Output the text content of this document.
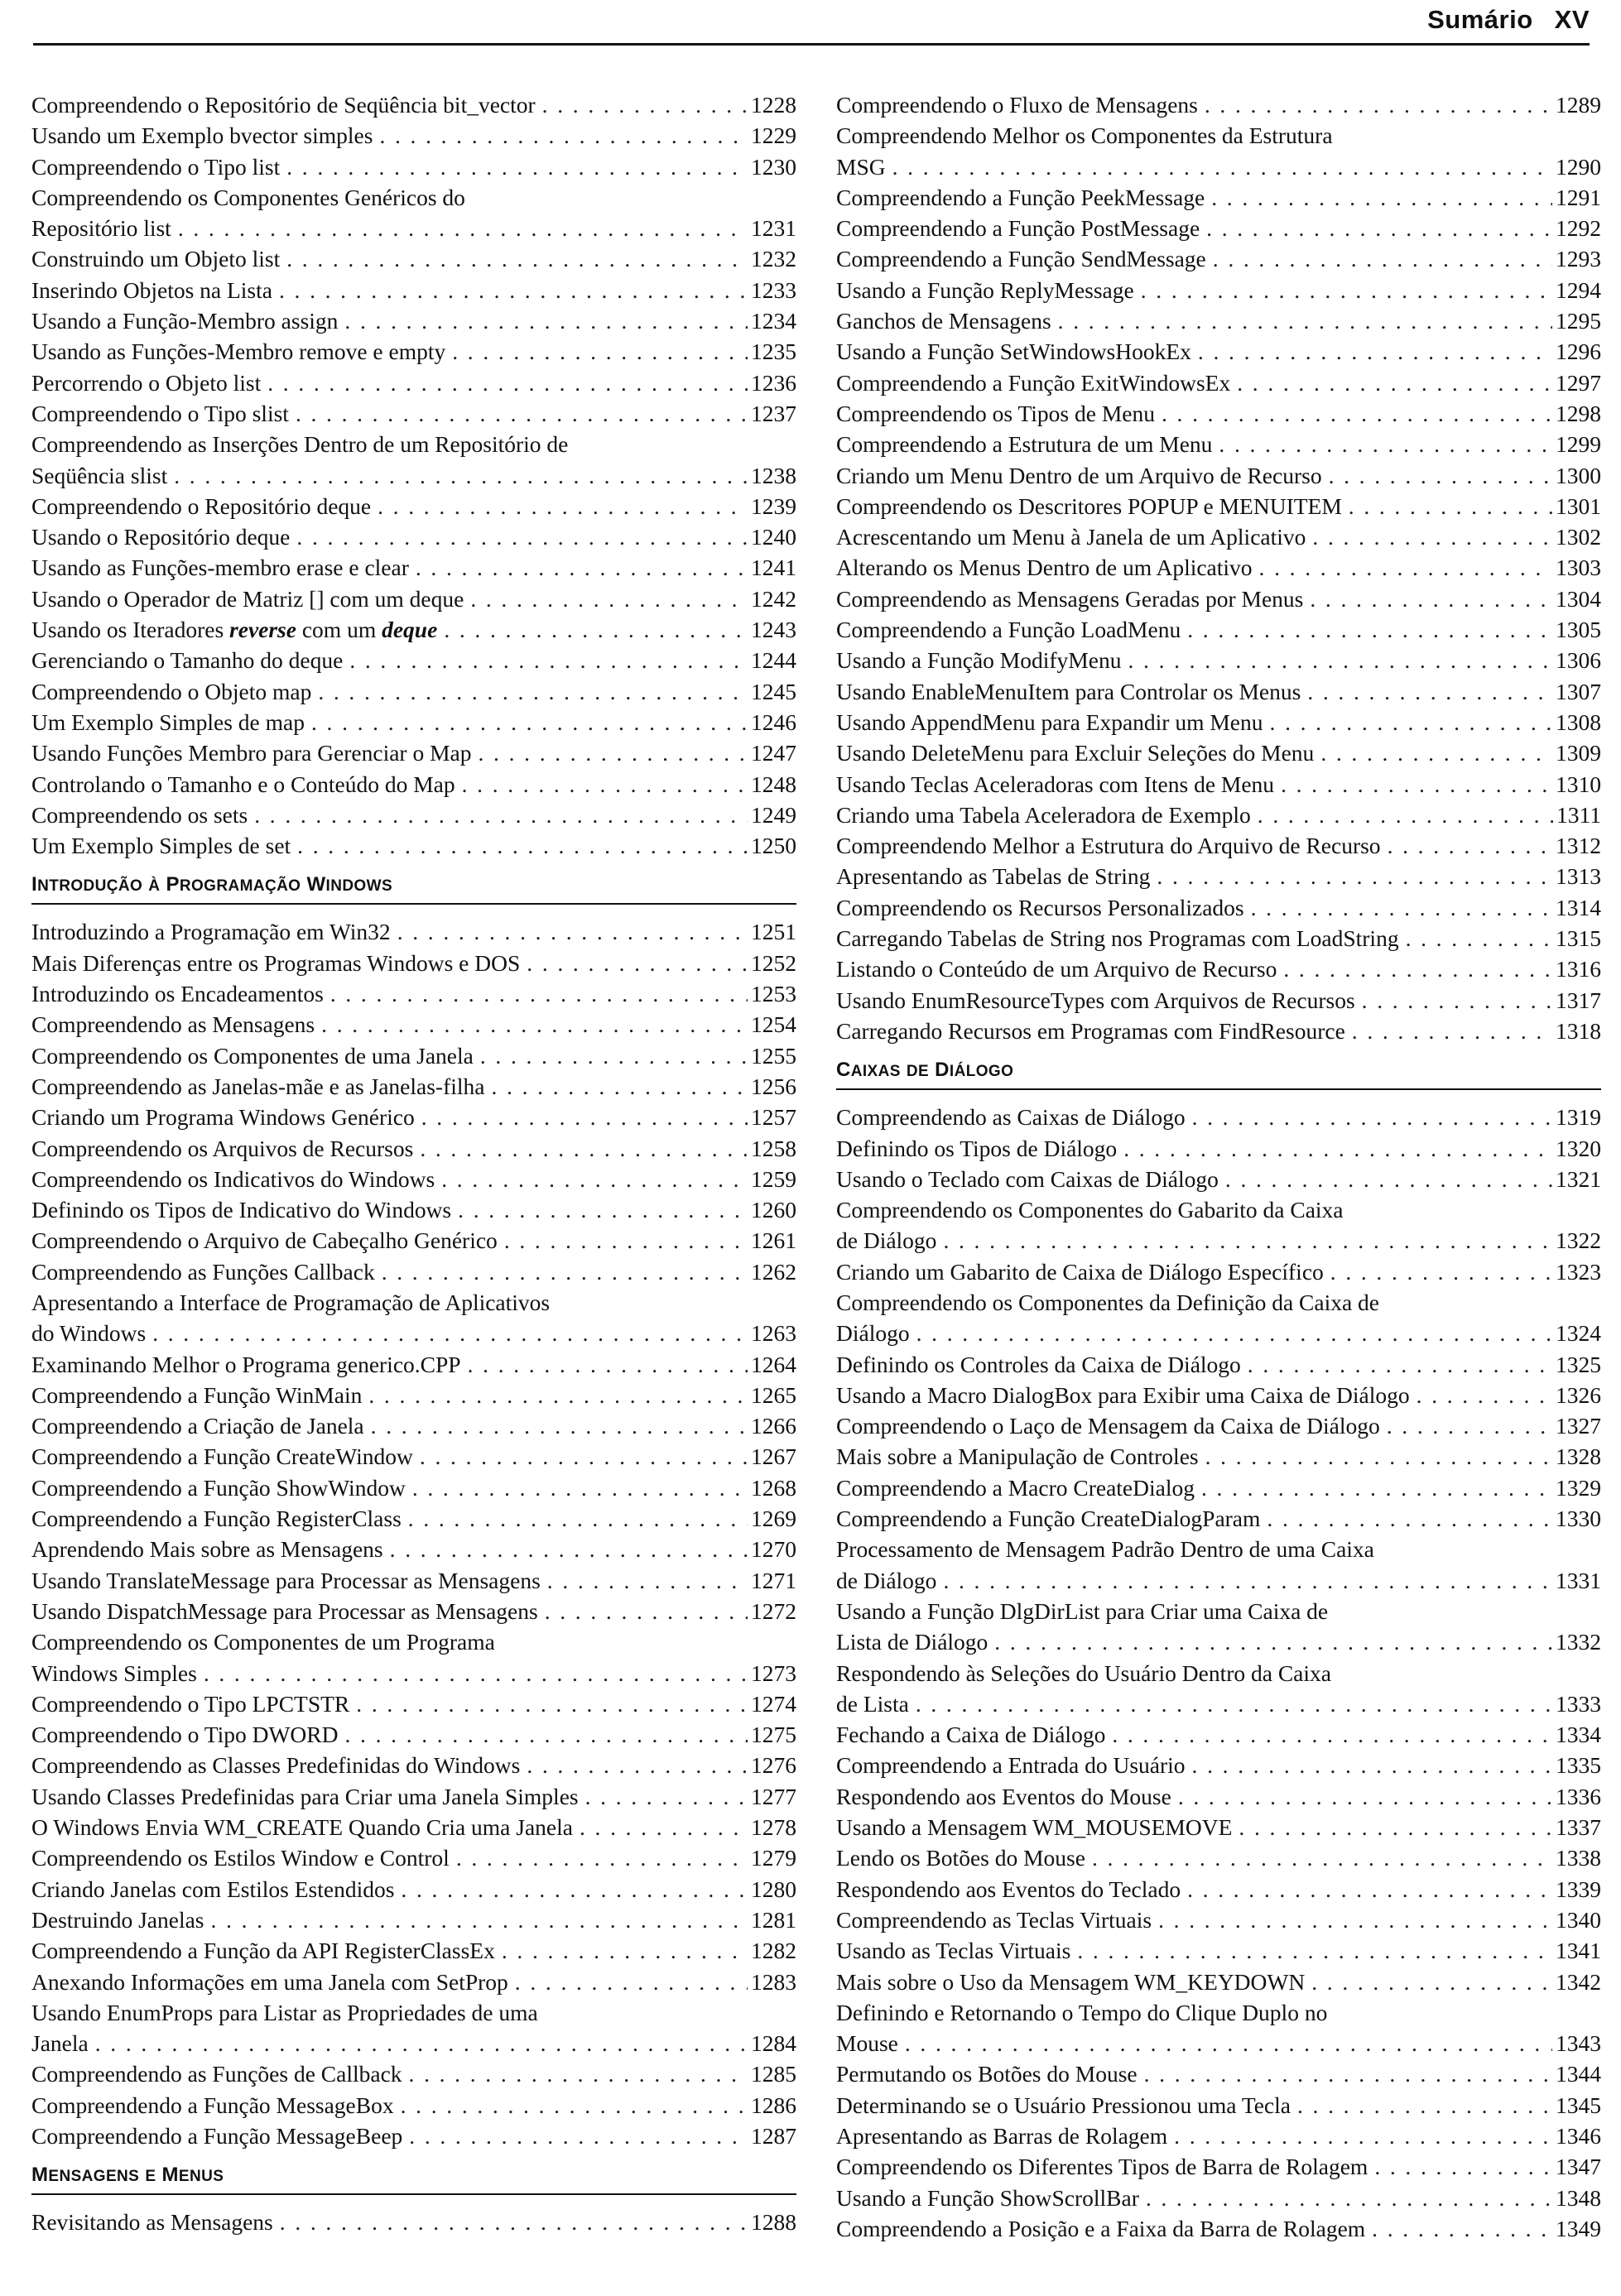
Sumário XV
Compreendendo o Repositório de Seqüência bit_vector . . .	1228
Usando um Exemplo bvector simples . . .	1229
Compreendendo o Tipo list . . .	1230
Compreendendo os Componentes Genéricos do
Repositório list . . .	1231
Construindo um Objeto list . . .	1232
Inserindo Objetos na Lista . . .	1233
Usando a Função-Membro assign . . .	1234
Usando as Funções-Membro remove e empty . . .	1235
Percorrendo o Objeto list . . .	1236
Compreendendo o Tipo slist . . .	1237
Compreendendo as Inserções Dentro de um Repositório de
Seqüência slist . . .	1238
Compreendendo o Repositório deque . . .	1239
Usando o Repositório deque . . .	1240
Usando as Funções-membro erase e clear . . .	1241
Usando o Operador de Matriz [] com um deque . . .	1242
Usando os Iteradores reverse com um deque . . .	1243
Gerenciando o Tamanho do deque . . .	1244
Compreendendo o Objeto map . . .	1245
Um Exemplo Simples de map . . .	1246
Usando Funções Membro para Gerenciar o Map . . .	1247
Controlando o Tamanho e o Conteúdo do Map . . .	1248
Compreendendo os sets . . .	1249
Um Exemplo Simples de set . . .	1250
INTRODUÇÃO À PROGRAMAÇÃO WINDOWS
Introduzindo a Programação em Win32 . . .	1251
Mais Diferenças entre os Programas Windows e DOS . . .	1252
Introduzindo os Encadeamentos . . .	1253
Compreendendo as Mensagens . . .	1254
Compreendendo os Componentes de uma Janela . . .	1255
Compreendendo as Janelas-mãe e as Janelas-filha . . .	1256
Criando um Programa Windows Genérico . . .	1257
Compreendendo os Arquivos de Recursos . . .	1258
Compreendendo os Indicativos do Windows . . .	1259
Definindo os Tipos de Indicativo do Windows . . .	1260
Compreendendo o Arquivo de Cabeçalho Genérico . . .	1261
Compreendendo as Funções Callback . . .	1262
Apresentando a Interface de Programação de Aplicativos
do Windows . . .	1263
Examinando Melhor o Programa generico.CPP . . .	1264
Compreendendo a Função WinMain . . .	1265
Compreendendo a Criação de Janela . . .	1266
Compreendendo a Função CreateWindow . . .	1267
Compreendendo a Função ShowWindow . . .	1268
Compreendendo a Função RegisterClass . . .	1269
Aprendendo Mais sobre as Mensagens . . .	1270
Usando TranslateMessage para Processar as Mensagens . . .	1271
Usando DispatchMessage para Processar as Mensagens . . .	1272
Compreendendo os Componentes de um Programa
Windows Simples . . .	1273
Compreendendo o Tipo LPCTSTR . . .	1274
Compreendendo o Tipo DWORD . . .	1275
Compreendendo as Classes Predefinidas do Windows . . .	1276
Usando Classes Predefinidas para Criar uma Janela Simples . . .	1277
O Windows Envia WM_CREATE Quando Cria uma Janela . . .	1278
Compreendendo os Estilos Window e Control . . .	1279
Criando Janelas com Estilos Estendidos . . .	1280
Destruindo Janelas . . .	1281
Compreendendo a Função da API RegisterClassEx . . .	1282
Anexando Informações em uma Janela com SetProp . . .	1283
Usando EnumProps para Listar as Propriedades de uma
Janela . . .	1284
Compreendendo as Funções de Callback . . .	1285
Compreendendo a Função MessageBox . . .	1286
Compreendendo a Função MessageBeep . . .	1287
MENSAGENS E MENUS
Revisitando as Mensagens . . .	1288
Compreendendo o Fluxo de Mensagens . . .	1289
Compreendendo Melhor os Componentes da Estrutura
MSG . . .	1290
Compreendendo a Função PeekMessage . . .	1291
Compreendendo a Função PostMessage . . .	1292
Compreendendo a Função SendMessage . . .	1293
Usando a Função ReplyMessage . . .	1294
Ganchos de Mensagens . . .	1295
Usando a Função SetWindowsHookEx . . .	1296
Compreendendo a Função ExitWindowsEx . . .	1297
Compreendendo os Tipos de Menu . . .	1298
Compreendendo a Estrutura de um Menu . . .	1299
Criando um Menu Dentro de um Arquivo de Recurso . . .	1300
Compreendendo os Descritores POPUP e MENUITEM . . .	1301
Acrescentando um Menu à Janela de um Aplicativo . . .	1302
Alterando os Menus Dentro de um Aplicativo . . .	1303
Compreendendo as Mensagens Geradas por Menus . . .	1304
Compreendendo a Função LoadMenu . . .	1305
Usando a Função ModifyMenu . . .	1306
Usando EnableMenuItem para Controlar os Menus . . .	1307
Usando AppendMenu para Expandir um Menu . . .	1308
Usando DeleteMenu para Excluir Seleções do Menu . . .	1309
Usando Teclas Aceleradoras com Itens de Menu . . .	1310
Criando uma Tabela Aceleradora de Exemplo . . .	1311
Compreendendo Melhor a Estrutura do Arquivo de Recurso . . .	1312
Apresentando as Tabelas de String . . .	1313
Compreendendo os Recursos Personalizados . . .	1314
Carregando Tabelas de String nos Programas com LoadString . . .	1315
Listando o Conteúdo de um Arquivo de Recurso . . .	1316
Usando EnumResourceTypes com Arquivos de Recursos . . .	1317
Carregando Recursos em Programas com FindResource . . .	1318
CAIXAS DE DIÁLOGO
Compreendendo as Caixas de Diálogo . . .	1319
Definindo os Tipos de Diálogo . . .	1320
Usando o Teclado com Caixas de Diálogo . . .	1321
Compreendendo os Componentes do Gabarito da Caixa
de Diálogo . . .	1322
Criando um Gabarito de Caixa de Diálogo Específico . . .	1323
Compreendendo os Componentes da Definição da Caixa de
Diálogo . . .	1324
Definindo os Controles da Caixa de Diálogo . . .	1325
Usando a Macro DialogBox para Exibir uma Caixa de Diálogo . . .	1326
Compreendendo o Laço de Mensagem da Caixa de Diálogo . . .	1327
Mais sobre a Manipulação de Controles . . .	1328
Compreendendo a Macro CreateDialog . . .	1329
Compreendendo a Função CreateDialogParam . . .	1330
Processamento de Mensagem Padrão Dentro de uma Caixa
de Diálogo . . .	1331
Usando a Função DlgDirList para Criar uma Caixa de
Lista de Diálogo . . .	1332
Respondendo às Seleções do Usuário Dentro da Caixa
de Lista . . .	1333
Fechando a Caixa de Diálogo . . .	1334
Compreendendo a Entrada do Usuário . . .	1335
Respondendo aos Eventos do Mouse . . .	1336
Usando a Mensagem WM_MOUSEMOVE . . .	1337
Lendo os Botões do Mouse . . .	1338
Respondendo aos Eventos do Teclado . . .	1339
Compreendendo as Teclas Virtuais . . .	1340
Usando as Teclas Virtuais . . .	1341
Mais sobre o Uso da Mensagem WM_KEYDOWN . . .	1342
Definindo e Retornando o Tempo do Clique Duplo no
Mouse . . .	1343
Permutando os Botões do Mouse . . .	1344
Determinando se o Usuário Pressionou uma Tecla . . .	1345
Apresentando as Barras de Rolagem . . .	1346
Compreendendo os Diferentes Tipos de Barra de Rolagem . . .	1347
Usando a Função ShowScrollBar . . .	1348
Compreendendo a Posição e a Faixa da Barra de Rolagem . . .	1349
